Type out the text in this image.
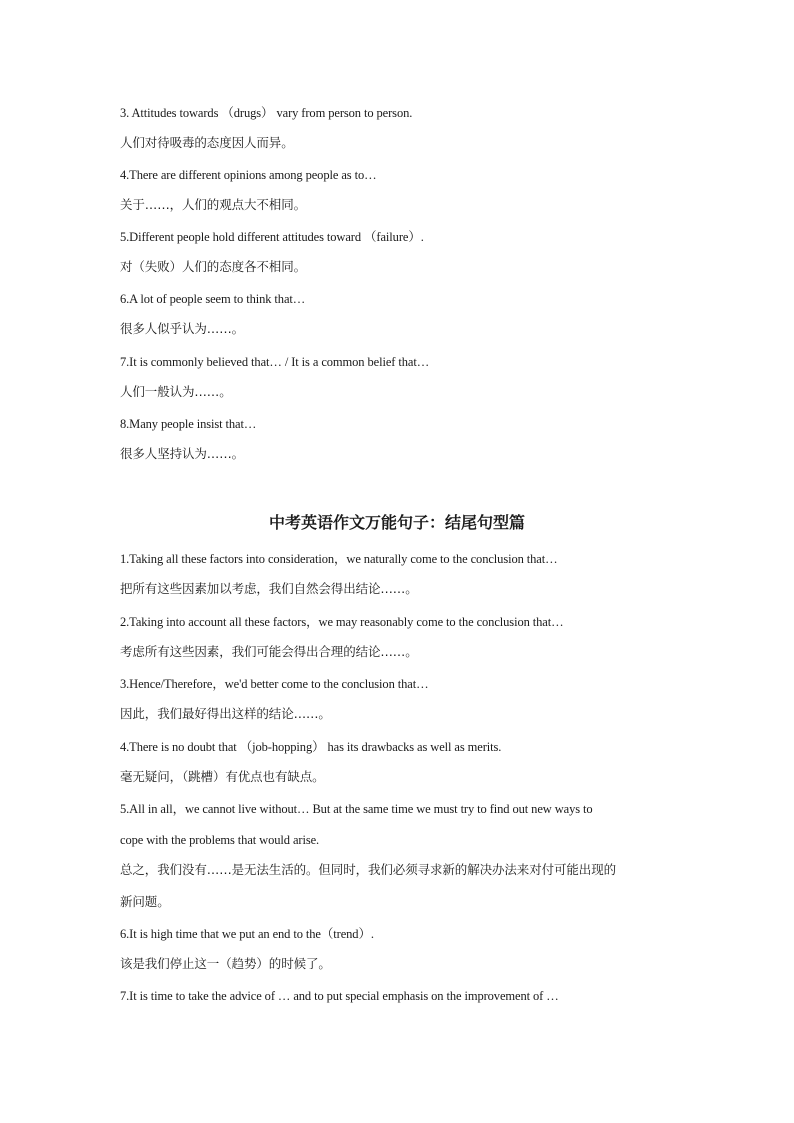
3. Attitudes towards （drugs） vary from person to person.
人们对待吸毒的态度因人而异。
4.There are different opinions among people as to…
关于……，人们的观点大不相同。
5.Different people hold different attitudes toward （failure）.
对（失败）人们的态度各不相同。
6.A lot of people seem to think that…
很多人似乎认为……。
7.It is commonly believed that… / It is a common belief that…
人们一般认为……。
8.Many people insist that…
很多人坚持认为……。
中考英语作文万能句子：结尾句型篇
1.Taking all these factors into consideration，we naturally come to the conclusion that…
把所有这些因素加以考虑，我们自然会得出结论……。
2.Taking into account all these factors，we may reasonably come to the conclusion that…
考虑所有这些因素，我们可能会得出合理的结论……。
3.Hence/Therefore，we'd better come to the conclusion that…
因此，我们最好得出这样的结论……。
4.There is no doubt that （job-hopping） has its drawbacks as well as merits.
毫无疑问，（跳槽）有优点也有缺点。
5.All in all，we cannot live without… But at the same time we must try to find out new ways to
cope with the problems that would arise.
总之，我们没有……是无法生活的。但同时，我们必须寻求新的解决办法来对付可能出现的
新问题。
6.It is high time that we put an end to the（trend）.
该是我们停止这一（趋势）的时候了。
7.It is time to take the advice of … and to put special emphasis on the improvement of …
